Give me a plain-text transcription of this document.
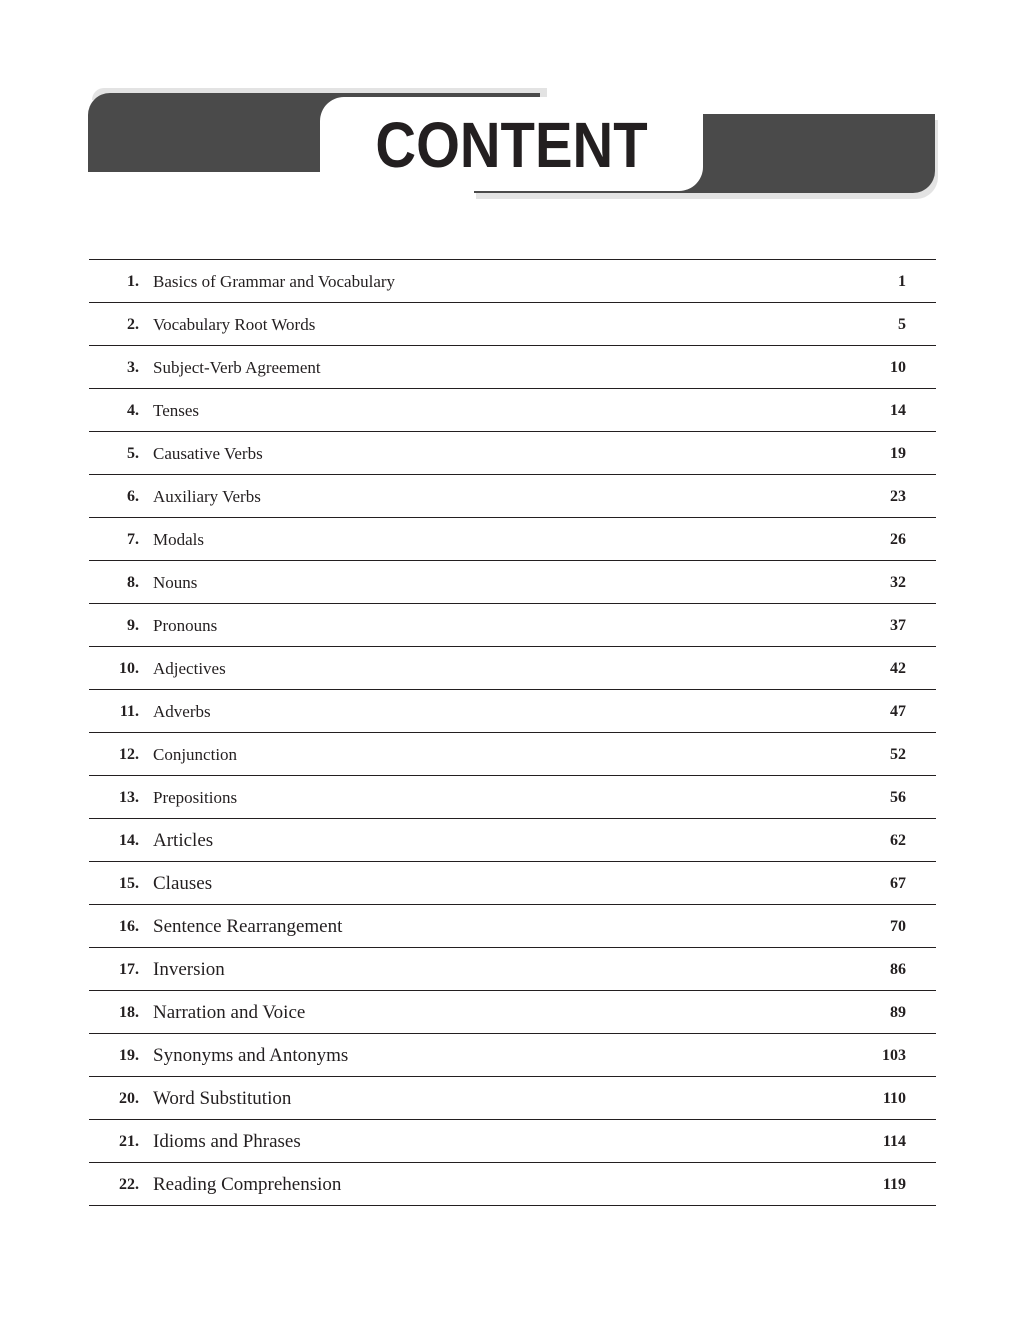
CONTENT
1. Basics of Grammar and Vocabulary	1
2. Vocabulary Root Words	5
3. Subject-Verb Agreement	10
4. Tenses	14
5. Causative Verbs	19
6. Auxiliary Verbs	23
7. Modals	26
8. Nouns	32
9. Pronouns	37
10. Adjectives	42
11. Adverbs	47
12. Conjunction	52
13. Prepositions	56
14. Articles	62
15. Clauses	67
16. Sentence Rearrangement	70
17. Inversion	86
18. Narration and Voice	89
19. Synonyms and Antonyms	103
20. Word Substitution	110
21. Idioms and Phrases	114
22. Reading Comprehension	119
